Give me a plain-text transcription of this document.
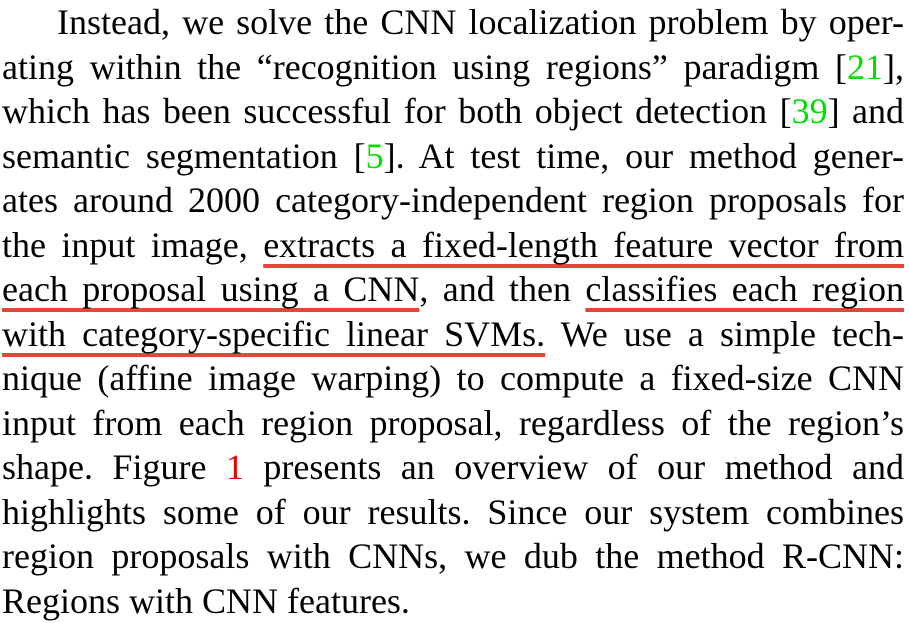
Instead, we solve the CNN localization problem by oper-
ating within the “recognition using regions” paradigm [21],
which has been successful for both object detection [39] and
semantic segmentation [5]. At test time, our method gener-
ates around 2000 category-independent region proposals for
the input image, extracts a fixed-length feature vector from
each proposal using a CNN, and then classifies each region
with category-specific linear SVMs. We use a simple tech-
nique (affine image warping) to compute a fixed-size CNN
input from each region proposal, regardless of the region’s
shape. Figure 1 presents an overview of our method and
highlights some of our results. Since our system combines
region proposals with CNNs, we dub the method R-CNN:
Regions with CNN features.
